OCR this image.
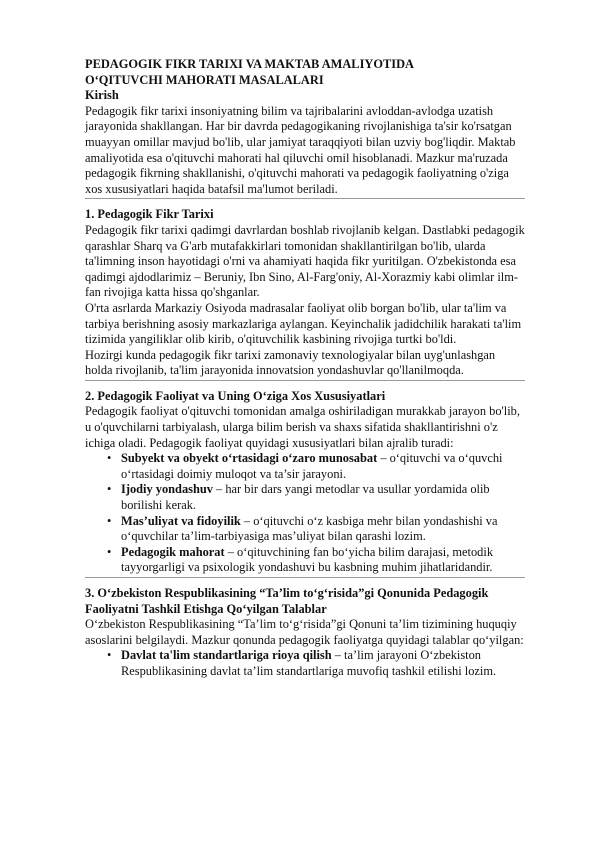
PEDAGOGIK FIKR TARIXI VA MAKTAB AMALIYOTIDA
O‘QITUVCHI MAHORATI MASALALARI
Kirish

Pedagogik fikr tarixi insoniyatning bilim va tajribalarini avloddan-avlodga uzatish jarayonida shakllangan. Har bir davrda pedagogikaning rivojlanishiga ta'sir ko'rsatgan muayyan omillar mavjud bo'lib, ular jamiyat taraqqiyoti bilan uzviy bog'liqdir. Maktab amaliyotida esa o'qituvchi mahorati hal qiluvchi omil hisoblanadi. Mazkur ma'ruzada pedagogik fikrning shakllanishi, o'qituvchi mahorati va pedagogik faoliyatning o'ziga xos xususiyatlari haqida batafsil ma'lumot beriladi.

1. Pedagogik Fikr Tarixi

Pedagogik fikr tarixi qadimgi davrlardan boshlab rivojlanib kelgan. Dastlabki pedagogik qarashlar Sharq va G'arb mutafakkirlari tomonidan shakllantirilgan bo'lib, ularda ta'limning inson hayotidagi o'rni va ahamiyati haqida fikr yuritilgan. O'zbekistonda esa qadimgi ajdodlarimiz – Beruniy, Ibn Sino, Al-Farg'oniy, Al-Xorazmiy kabi olimlar ilm-fan rivojiga katta hissa qo'shganlar.

O'rta asrlarda Markaziy Osiyoda madrasalar faoliyat olib borgan bo'lib, ular ta'lim va tarbiya berishning asosiy markazlariga aylangan. Keyinchalik jadidchilik harakati ta'lim tizimida yangiliklar olib kirib, o'qituvchilik kasbining rivojiga turtki bo'ldi.

Hozirgi kunda pedagogik fikr tarixi zamonaviy texnologiyalar bilan uyg'unlashgan holda rivojlanib, ta'lim jarayonida innovatsion yondashuvlar qo'llanilmoqda.

2. Pedagogik Faoliyat va Uning O‘ziga Xos Xususiyatlari

Pedagogik faoliyat o'qituvchi tomonidan amalga oshiriladigan murakkab jarayon bo'lib, u o'quvchilarni tarbiyalash, ularga bilim berish va shaxs sifatida shakllantirishni o'z ichiga oladi. Pedagogik faoliyat quyidagi xususiyatlari bilan ajralib turadi:

• Subyekt va obyekt o‘rtasidagi o‘zaro munosabat – o‘qituvchi va o‘quvchi o‘rtasidagi doimiy muloqot va ta’sir jarayoni.
• Ijodiy yondashuv – har bir dars yangi metodlar va usullar yordamida olib borilishi kerak.
• Mas’uliyat va fidoyilik – o‘qituvchi o‘z kasbiga mehr bilan yondashishi va o‘quvchilar ta’lim-tarbiyasiga mas’uliyat bilan qarashi lozim.
• Pedagogik mahorat – o‘qituvchining fan bo‘yicha bilim darajasi, metodik tayyorgarligi va psixologik yondashuvi bu kasbning muhim jihatlaridandir.
3. O‘zbekiston Respublikasining “Ta’lim to‘g‘risida”gi Qonunida Pedagogik Faoliyatni Tashkil Etishga Qo‘yilgan Talablar

O‘zbekiston Respublikasining “Ta’lim to‘g‘risida”gi Qonuni ta’lim tizimining huquqiy asoslarini belgilaydi. Mazkur qonunda pedagogik faoliyatga quyidagi talablar qo‘yilgan:

• Davlat ta'lim standartlariga rioya qilish – ta’lim jarayoni O‘zbekiston Respublikasining davlat ta’lim standartlariga muvofiq tashkil etilishi lozim.
